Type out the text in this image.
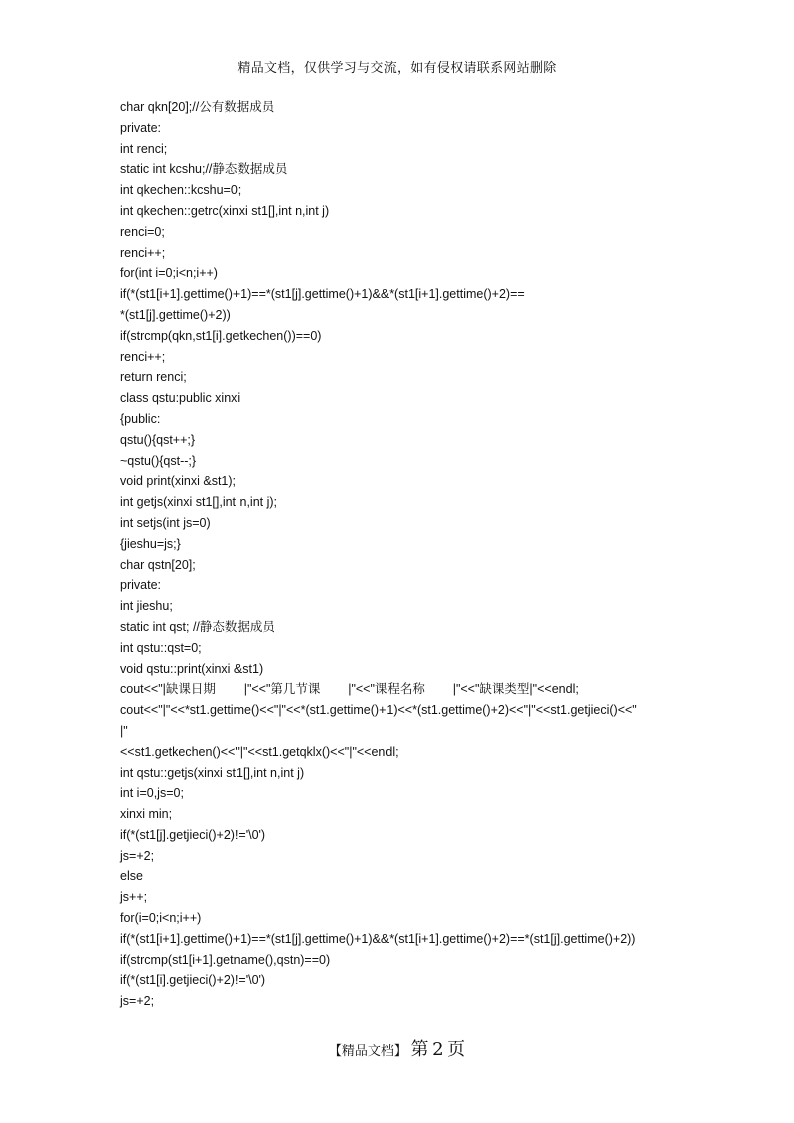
精品文档，仅供学习与交流，如有侵权请联系网站删除
char qkn[20];//公有数据成员
private:
int renci;
static int kcshu;//静态数据成员
int qkechen::kcshu=0;
int qkechen::getrc(xinxi st1[],int n,int j)
renci=0;
renci++;
for(int i=0;i<n;i++)
if(*(st1[i+1].gettime()+1)==*(st1[j].gettime()+1)&&*(st1[i+1].gettime()+2)==
*(st1[j].gettime()+2))
if(strcmp(qkn,st1[i].getkechen())==0)
renci++;
return renci;
class qstu:public xinxi
{public:
qstu(){qst++;}
~qstu(){qst--;}
void print(xinxi &st1);
int getjs(xinxi st1[],int n,int j);
int setjs(int js=0)
{jieshu=js;}
char qstn[20];
private:
int jieshu;
static int qst; //静态数据成员
int qstu::qst=0;
void qstu::print(xinxi &st1)
cout<<"|缺课日期        |"<<"第几节课        |"<<"课程名称        |"<<"缺课类型|"<<endl;
cout<<"|"<<*st1.gettime()<<"|"<<*(st1.gettime()+1)<<*(st1.gettime()+2)<<"|"<<st1.getjieci()<<"
|"
<<st1.getkechen()<<"|"<<st1.getqklx()<<"|"<<endl;
int qstu::getjs(xinxi st1[],int n,int j)
int i=0,js=0;
xinxi min;
if(*(st1[j].getjieci()+2)!='\0')
js=+2;
else
js++;
for(i=0;i<n;i++)
if(*(st1[i+1].gettime()+1)==*(st1[j].gettime()+1)&&*(st1[i+1].gettime()+2)==*(st1[j].gettime()+2))
if(strcmp(st1[i+1].getname(),qstn)==0)
if(*(st1[i].getjieci()+2)!='\0')
js=+2;
【精品文档】 第 2 页
